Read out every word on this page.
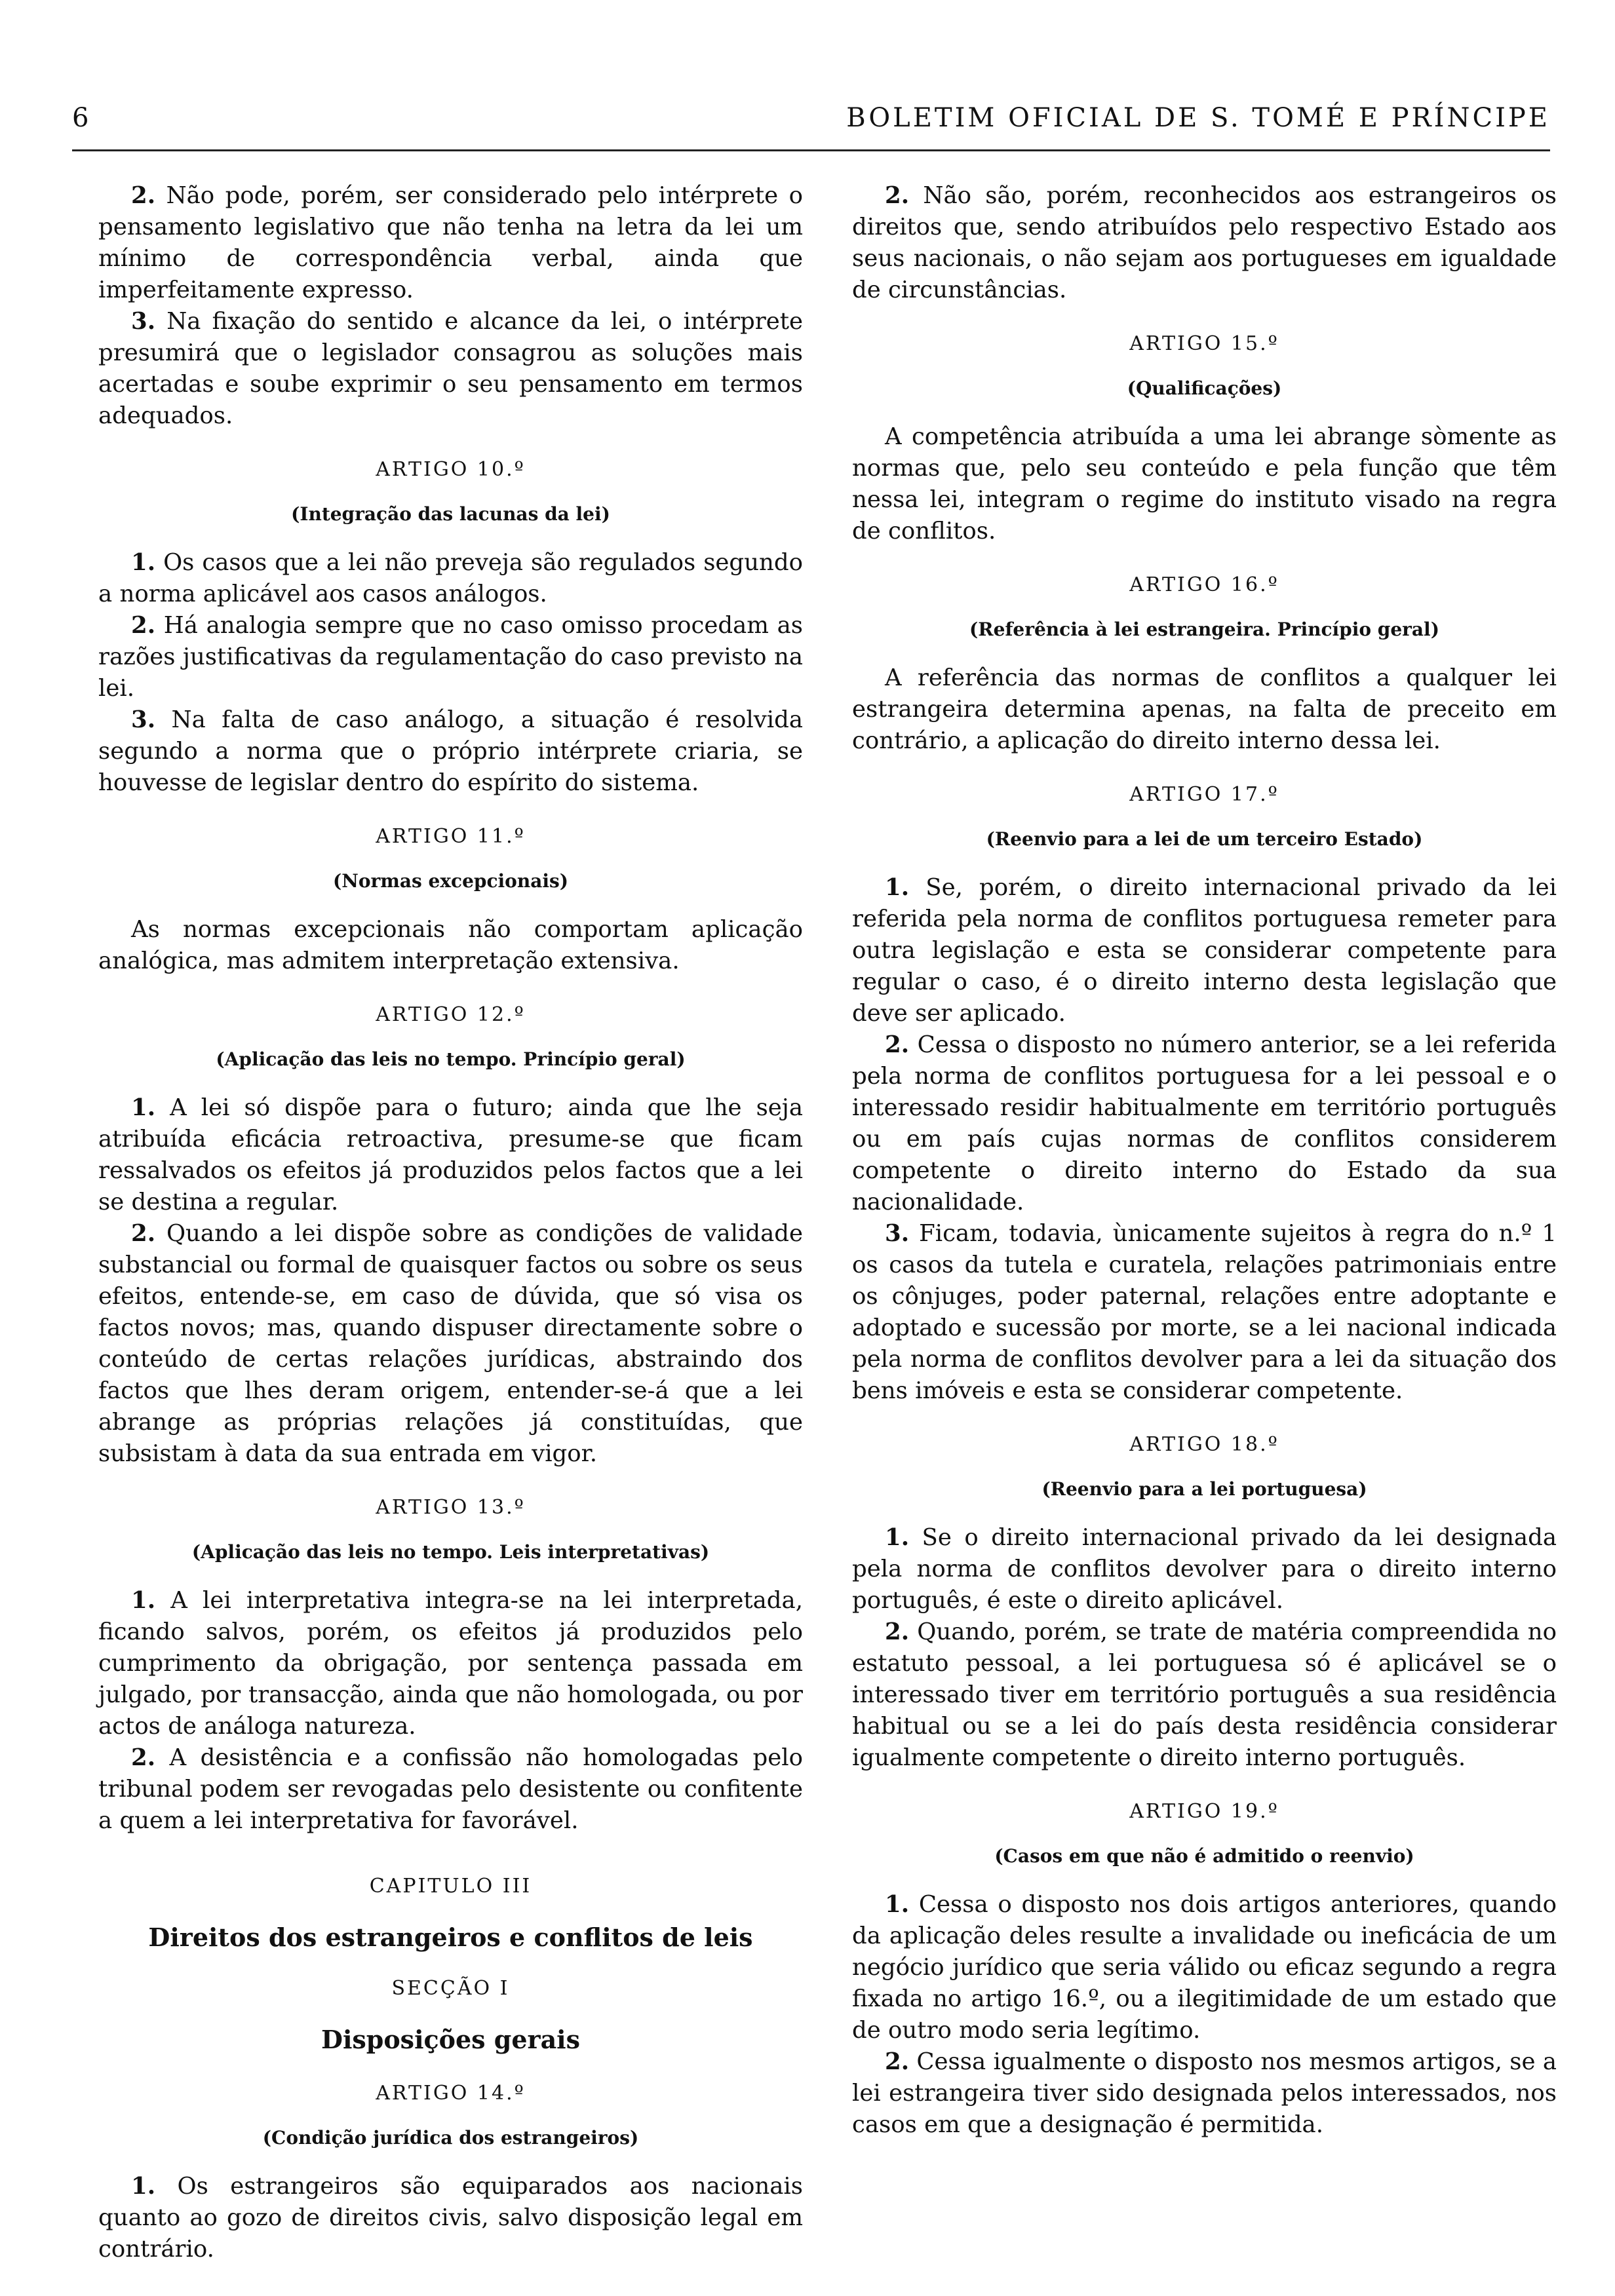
6	BOLETIM OFICIAL DE S. TOMÉ E PRÍNCIPE

2. Não pode, porém, ser considerado pelo intérprete o pensamento legislativo que não tenha na letra da lei um mínimo de correspondência verbal, ainda que imperfeitamente expresso.

3. Na fixação do sentido e alcance da lei, o intérprete presumirá que o legislador consagrou as soluções mais acertadas e soube exprimir o seu pensamento em termos adequados.

ARTIGO 10.º
(Integração das lacunas da lei)

1. Os casos que a lei não preveja são regulados segundo a norma aplicável aos casos análogos.

2. Há analogia sempre que no caso omisso procedam as razões justificativas da regulamentação do caso previsto na lei.

3. Na falta de caso análogo, a situação é resolvida segundo a norma que o próprio intérprete criaria, se houvesse de legislar dentro do espírito do sistema.

ARTIGO 11.º
(Normas excepcionais)

As normas excepcionais não comportam aplicação analógica, mas admitem interpretação extensiva.

ARTIGO 12.º
(Aplicação das leis no tempo. Princípio geral)

1. A lei só dispõe para o futuro; ainda que lhe seja atribuída eficácia retroactiva, presume-se que ficam ressalvados os efeitos já produzidos pelos factos que a lei se destina a regular.

2. Quando a lei dispõe sobre as condições de validade substancial ou formal de quaisquer factos ou sobre os seus efeitos, entende-se, em caso de dúvida, que só visa os factos novos; mas, quando dispuser directamente sobre o conteúdo de certas relações jurídicas, abstraindo dos factos que lhes deram origem, entender-se-á que a lei abrange as próprias relações já constituídas, que subsistam à data da sua entrada em vigor.

ARTIGO 13.º
(Aplicação das leis no tempo. Leis interpretativas)

1. A lei interpretativa integra-se na lei interpretada, ficando salvos, porém, os efeitos já produzidos pelo cumprimento da obrigação, por sentença passada em julgado, por transacção, ainda que não homologada, ou por actos de análoga natureza.

2. A desistência e a confissão não homologadas pelo tribunal podem ser revogadas pelo desistente ou confitente a quem a lei interpretativa for favorável.

CAPITULO III
Direitos dos estrangeiros e conflitos de leis
SECÇÃO I
Disposições gerais
ARTIGO 14.º
(Condição jurídica dos estrangeiros)

1. Os estrangeiros são equiparados aos nacionais quanto ao gozo de direitos civis, salvo disposição legal em contrário.

2. Não são, porém, reconhecidos aos estrangeiros os direitos que, sendo atribuídos pelo respectivo Estado aos seus nacionais, o não sejam aos portugueses em igualdade de circunstâncias.

ARTIGO 15.º
(Qualificações)

A competência atribuída a uma lei abrange sòmente as normas que, pelo seu conteúdo e pela função que têm nessa lei, integram o regime do instituto visado na regra de conflitos.

ARTIGO 16.º
(Referência à lei estrangeira. Princípio geral)

A referência das normas de conflitos a qualquer lei estrangeira determina apenas, na falta de preceito em contrário, a aplicação do direito interno dessa lei.

ARTIGO 17.º
(Reenvio para a lei de um terceiro Estado)

1. Se, porém, o direito internacional privado da lei referida pela norma de conflitos portuguesa remeter para outra legislação e esta se considerar competente para regular o caso, é o direito interno desta legislação que deve ser aplicado.

2. Cessa o disposto no número anterior, se a lei referida pela norma de conflitos portuguesa for a lei pessoal e o interessado residir habitualmente em território português ou em país cujas normas de conflitos considerem competente o direito interno do Estado da sua nacionalidade.

3. Ficam, todavia, ùnicamente sujeitos à regra do n.º 1 os casos da tutela e curatela, relações patrimoniais entre os cônjuges, poder paternal, relações entre adoptante e adoptado e sucessão por morte, se a lei nacional indicada pela norma de conflitos devolver para a lei da situação dos bens imóveis e esta se considerar competente.

ARTIGO 18.º
(Reenvio para a lei portuguesa)

1. Se o direito internacional privado da lei designada pela norma de conflitos devolver para o direito interno português, é este o direito aplicável.

2. Quando, porém, se trate de matéria compreendida no estatuto pessoal, a lei portuguesa só é aplicável se o interessado tiver em território português a sua residência habitual ou se a lei do país desta residência considerar igualmente competente o direito interno português.

ARTIGO 19.º
(Casos em que não é admitido o reenvio)

1. Cessa o disposto nos dois artigos anteriores, quando da aplicação deles resulte a invalidade ou ineficácia de um negócio jurídico que seria válido ou eficaz segundo a regra fixada no artigo 16.º, ou a ilegitimidade de um estado que de outro modo seria legítimo.

2. Cessa igualmente o disposto nos mesmos artigos, se a lei estrangeira tiver sido designada pelos interessados, nos casos em que a designação é permitida.
